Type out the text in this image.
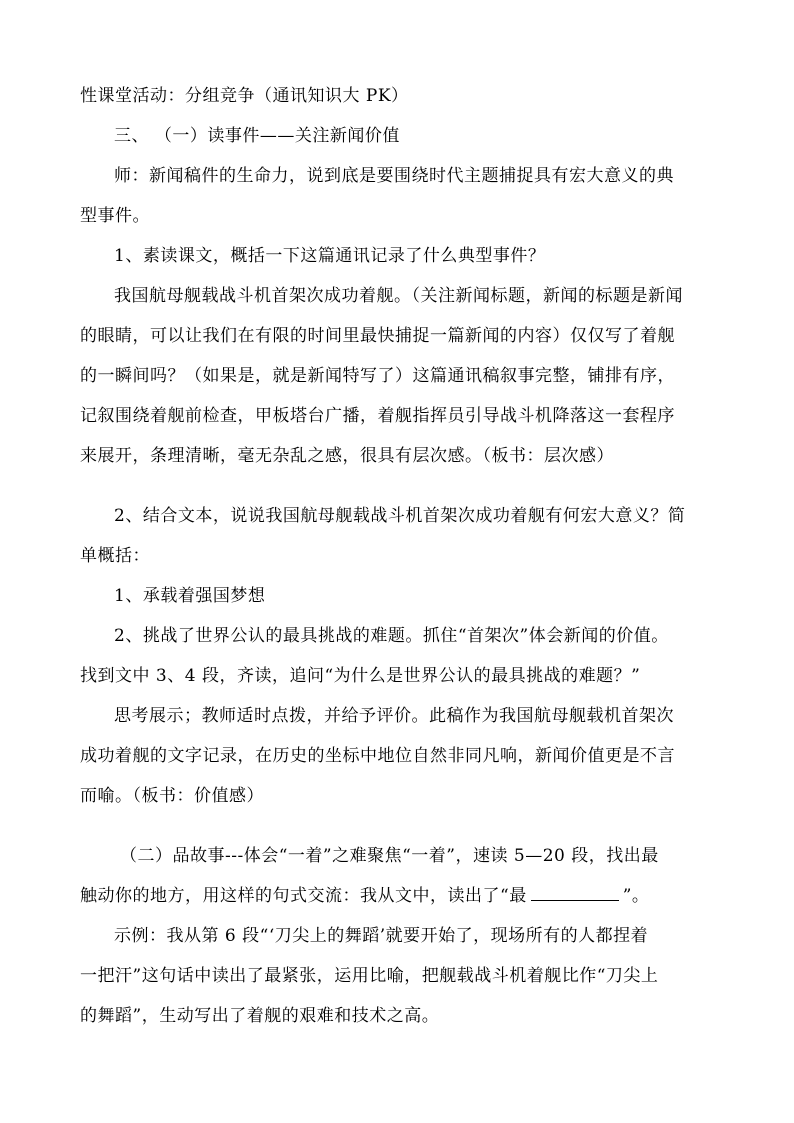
性课堂活动：分组竞争（通讯知识大 PK）
三、 （一）读事件——关注新闻价值
师：新闻稿件的生命力，说到底是要围绕时代主题捕捉具有宏大意义的典
型事件。
1、素读课文，概括一下这篇通讯记录了什么典型事件？
我国航母舰载战斗机首架次成功着舰。（关注新闻标题，新闻的标题是新闻
的眼睛，可以让我们在有限的时间里最快捕捉一篇新闻的内容）仅仅写了着舰
的一瞬间吗？（如果是，就是新闻特写了）这篇通讯稿叙事完整，铺排有序，
记叙围绕着舰前检查，甲板塔台广播，着舰指挥员引导战斗机降落这一套程序
来展开，条理清晰，毫无杂乱之感，很具有层次感。（板书：层次感）
2、结合文本，说说我国航母舰载战斗机首架次成功着舰有何宏大意义？简
单概括：
1、承载着强国梦想
2、挑战了世界公认的最具挑战的难题。抓住“首架次”体会新闻的价值。
找到文中 3、4 段，齐读，追问“为什么是世界公认的最具挑战的难题？”
思考展示；教师适时点拨，并给予评价。此稿作为我国航母舰载机首架次
成功着舰的文字记录，在历史的坐标中地位自然非同凡响，新闻价值更是不言
而喻。（板书：价值感）
（二）品故事---体会“一着”之难聚焦“一着”，速读 5—20 段，找出最
触动你的地方，用这样的句式交流：我从文中，读出了“最	”。
示例：我从第 6 段“‘刀尖上的舞蹈’就要开始了，现场所有的人都捏着
一把汗”这句话中读出了最紧张，运用比喻，把舰载战斗机着舰比作“刀尖上
的舞蹈”，生动写出了着舰的艰难和技术之高。
